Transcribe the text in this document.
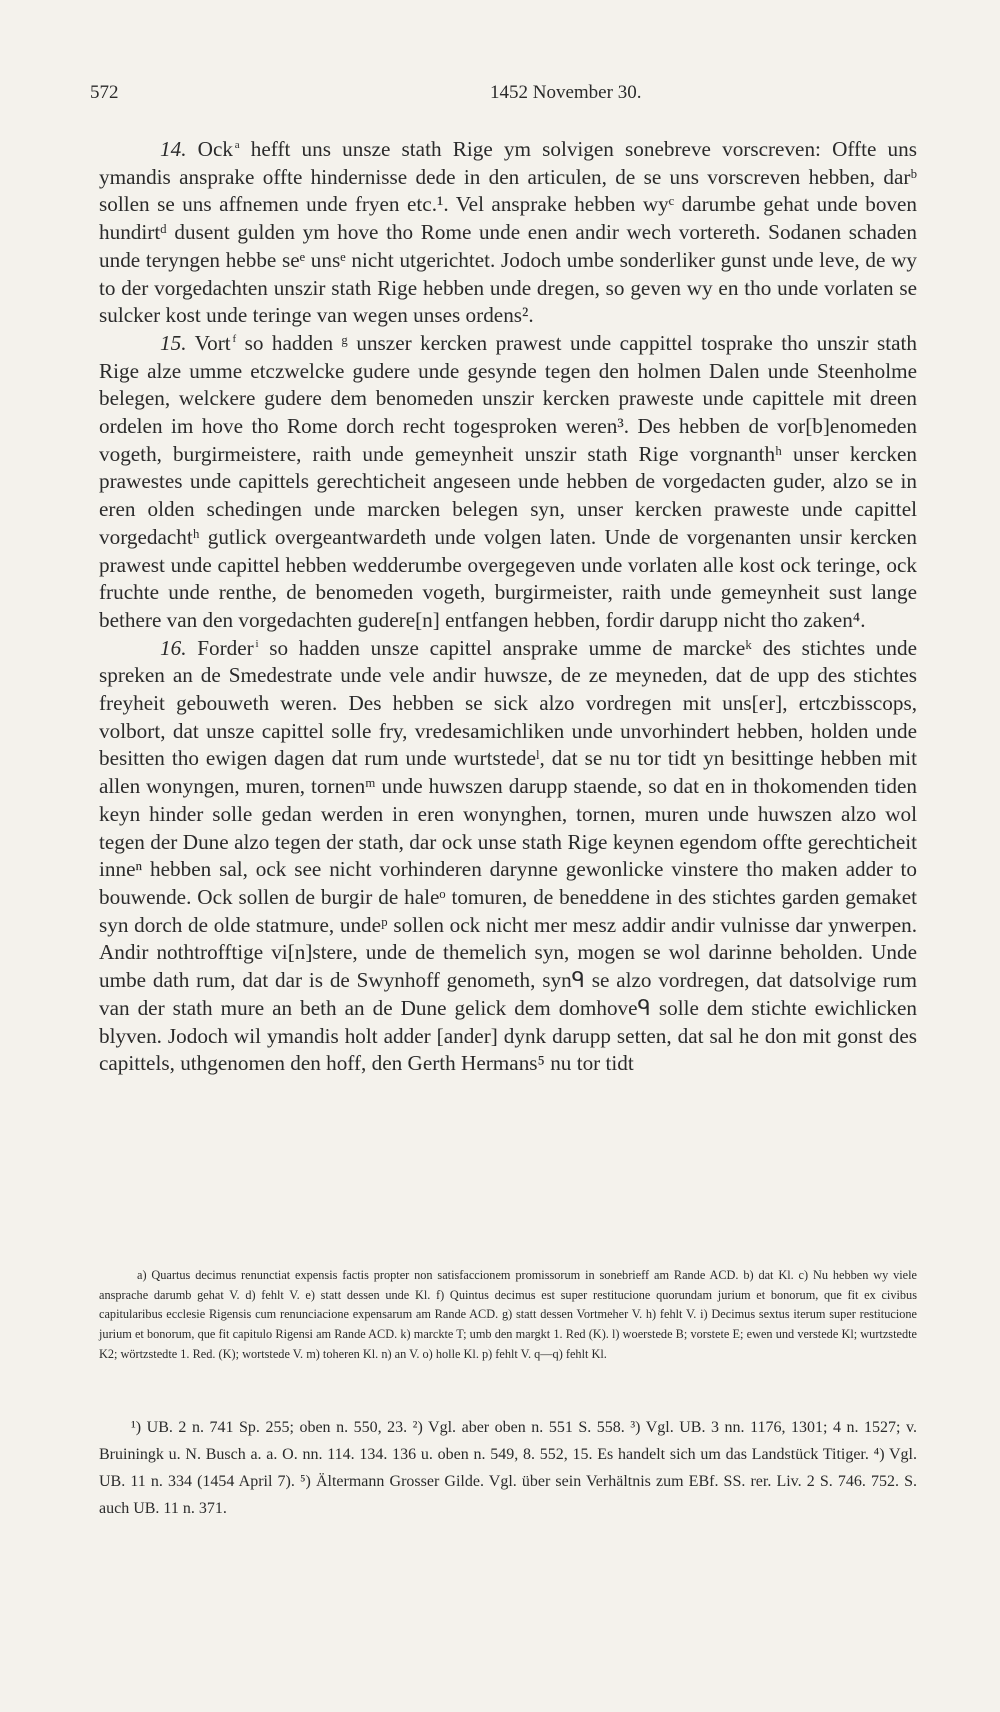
572	1452 November 30.

14. Ock  $^a$ hefft uns unsze stath Rige ym solvigen sonebreve vorscreven: Offte uns ymandis ansprake offte hindernisse dede in den articulen, de se uns vorscreven hebben, darᵇ sollen se uns affnemen unde fryen etc.¹. Vel ansprake hebben wyᶜ darumbe gehat unde boven hundirtᵈ dusent gulden ym hove tho Rome unde enen andir wech vortereth. Sodanen schaden unde teryngen hebbe seᵉ unsᵉ nicht utgerichtet. Jodoch umbe sonderliker gunst unde leve, de wy to der vorgedachten unszir stath Rige hebben unde dregen, so geven wy en tho unde vorlaten se sulcker kost unde teringe van wegen unses ordens².

15. Vort  $^f$ so hadden ᵍ unszer kercken prawest unde cappittel tosprake tho unszir stath Rige alze umme etczwelcke gudere unde gesynde tegen den holmen Dalen unde Steenholme belegen, welckere gudere dem benomeden unszir kercken praweste unde capittele mit dreen ordelen im hove tho Rome dorch recht togesproken weren³. Des hebben de vor[b]enomeden vogeth, burgirmeistere, raith unde gemeynheit unszir stath Rige vorgnanthʰ unser kercken prawestes unde capittels gerechticheit angeseen unde hebben de vorgedacten guder, alzo se in eren olden schedingen unde marcken belegen syn, unser kercken praweste unde capittel vorgedachtʰ gutlick overgeantwardeth unde volgen laten. Unde de vorgenanten unsir kercken prawest unde capittel hebben wedderumbe overgegeven unde vorlaten alle kost ock teringe, ock fruchte unde renthe, de benomeden vogeth, burgirmeister, raith unde gemeynheit sust lange bethere van den vorgedachten gudere[n] entfangen hebben, fordir darupp nicht tho zaken⁴.

16. Forder  $^i$ so hadden unsze capittel ansprake umme de marckeᵏ des stichtes unde spreken an de Smedestrate unde vele andir huwsze, de ze meyneden, dat de upp des stichtes freyheit gebouweth weren. Des hebben se sick alzo vordregen mit uns[er], ertczbisscops, volbort, dat unsze capittel solle fry, vredesamichliken unde unvorhindert hebben, holden unde besitten tho ewigen dagen dat rum unde wurtstedeˡ, dat se nu tor tidt yn besittinge hebben mit allen wonyngen, muren, tornenᵐ unde huwszen darupp staende, so dat en in thokomenden tiden keyn hinder solle gedan werden in eren wonynghen, tornen, muren unde huwszen alzo wol tegen der Dune alzo tegen der stath, dar ock unse stath Rige keynen egendom offte gerechticheit inneⁿ hebben sal, ock see nicht vorhinderen darynne gewonlicke vinstere tho maken adder to bouwende. Ock sollen de burgir de haleᵒ tomuren, de beneddene in des stichtes garden gemaket syn dorch de olde statmure, undeᵖ sollen ock nicht mer mesz addir andir vulnisse dar ynwerpen. Andir nothtrofftige vi[n]stere, unde de themelich syn, mogen se wol darinne beholden. Unde umbe dath rum, dat dar is de Swynhoff genometh, synᑫ se alzo vordregen, dat datsolvige rum van der stath mure an beth an de Dune gelick dem domhoveᑫ solle dem stichte ewichlicken blyven. Jodoch wil ymandis holt adder [ander] dynk darupp setten, dat sal he don mit gonst des capittels, uthgenomen den hoff, den Gerth Hermans⁵ nu tor tidt

a) Quartus decimus renunctiat expensis factis propter non satisfaccionem promissorum in sonebrieff am Rande ACD. b) dat Kl. c) Nu hebben wy viele ansprache darumb gehat V. d) fehlt V. e) statt dessen unde Kl. f) Quintus decimus est super restitucione quorundam jurium et bonorum, que fit ex civibus capitularibus ecclesie Rigensis cum renunciacione expensarum am Rande ACD. g) statt dessen Vortmeher V. h) fehlt V. i) Decimus sextus iterum super restitucione jurium et bonorum, que fit capitulo Rigensi am Rande ACD. k) marckte T; umb den margkt 1. Red (K). l) woerstede B; vorstete E; ewen und verstede Kl; wurtzstedte K2; wörtzstedte 1. Red. (K); wortstede V. m) toheren Kl. n) an V. o) holle Kl. p) fehlt V. q—q) fehlt Kl.

¹) UB. 2 n. 741 Sp. 255; oben n. 550, 23. ²) Vgl. aber oben n. 551 S. 558. ³) Vgl. UB. 3 nn. 1176, 1301; 4 n. 1527; v. Bruiningk u. N. Busch a. a. O. nn. 114. 134. 136 u. oben n. 549, 8. 552, 15. Es handelt sich um das Landstück Titiger. ⁴) Vgl. UB. 11 n. 334 (1454 April 7). ⁵) Ältermann Grosser Gilde. Vgl. über sein Verhältnis zum EBf. SS. rer. Liv. 2 S. 746. 752. S. auch UB. 11 n. 371.
